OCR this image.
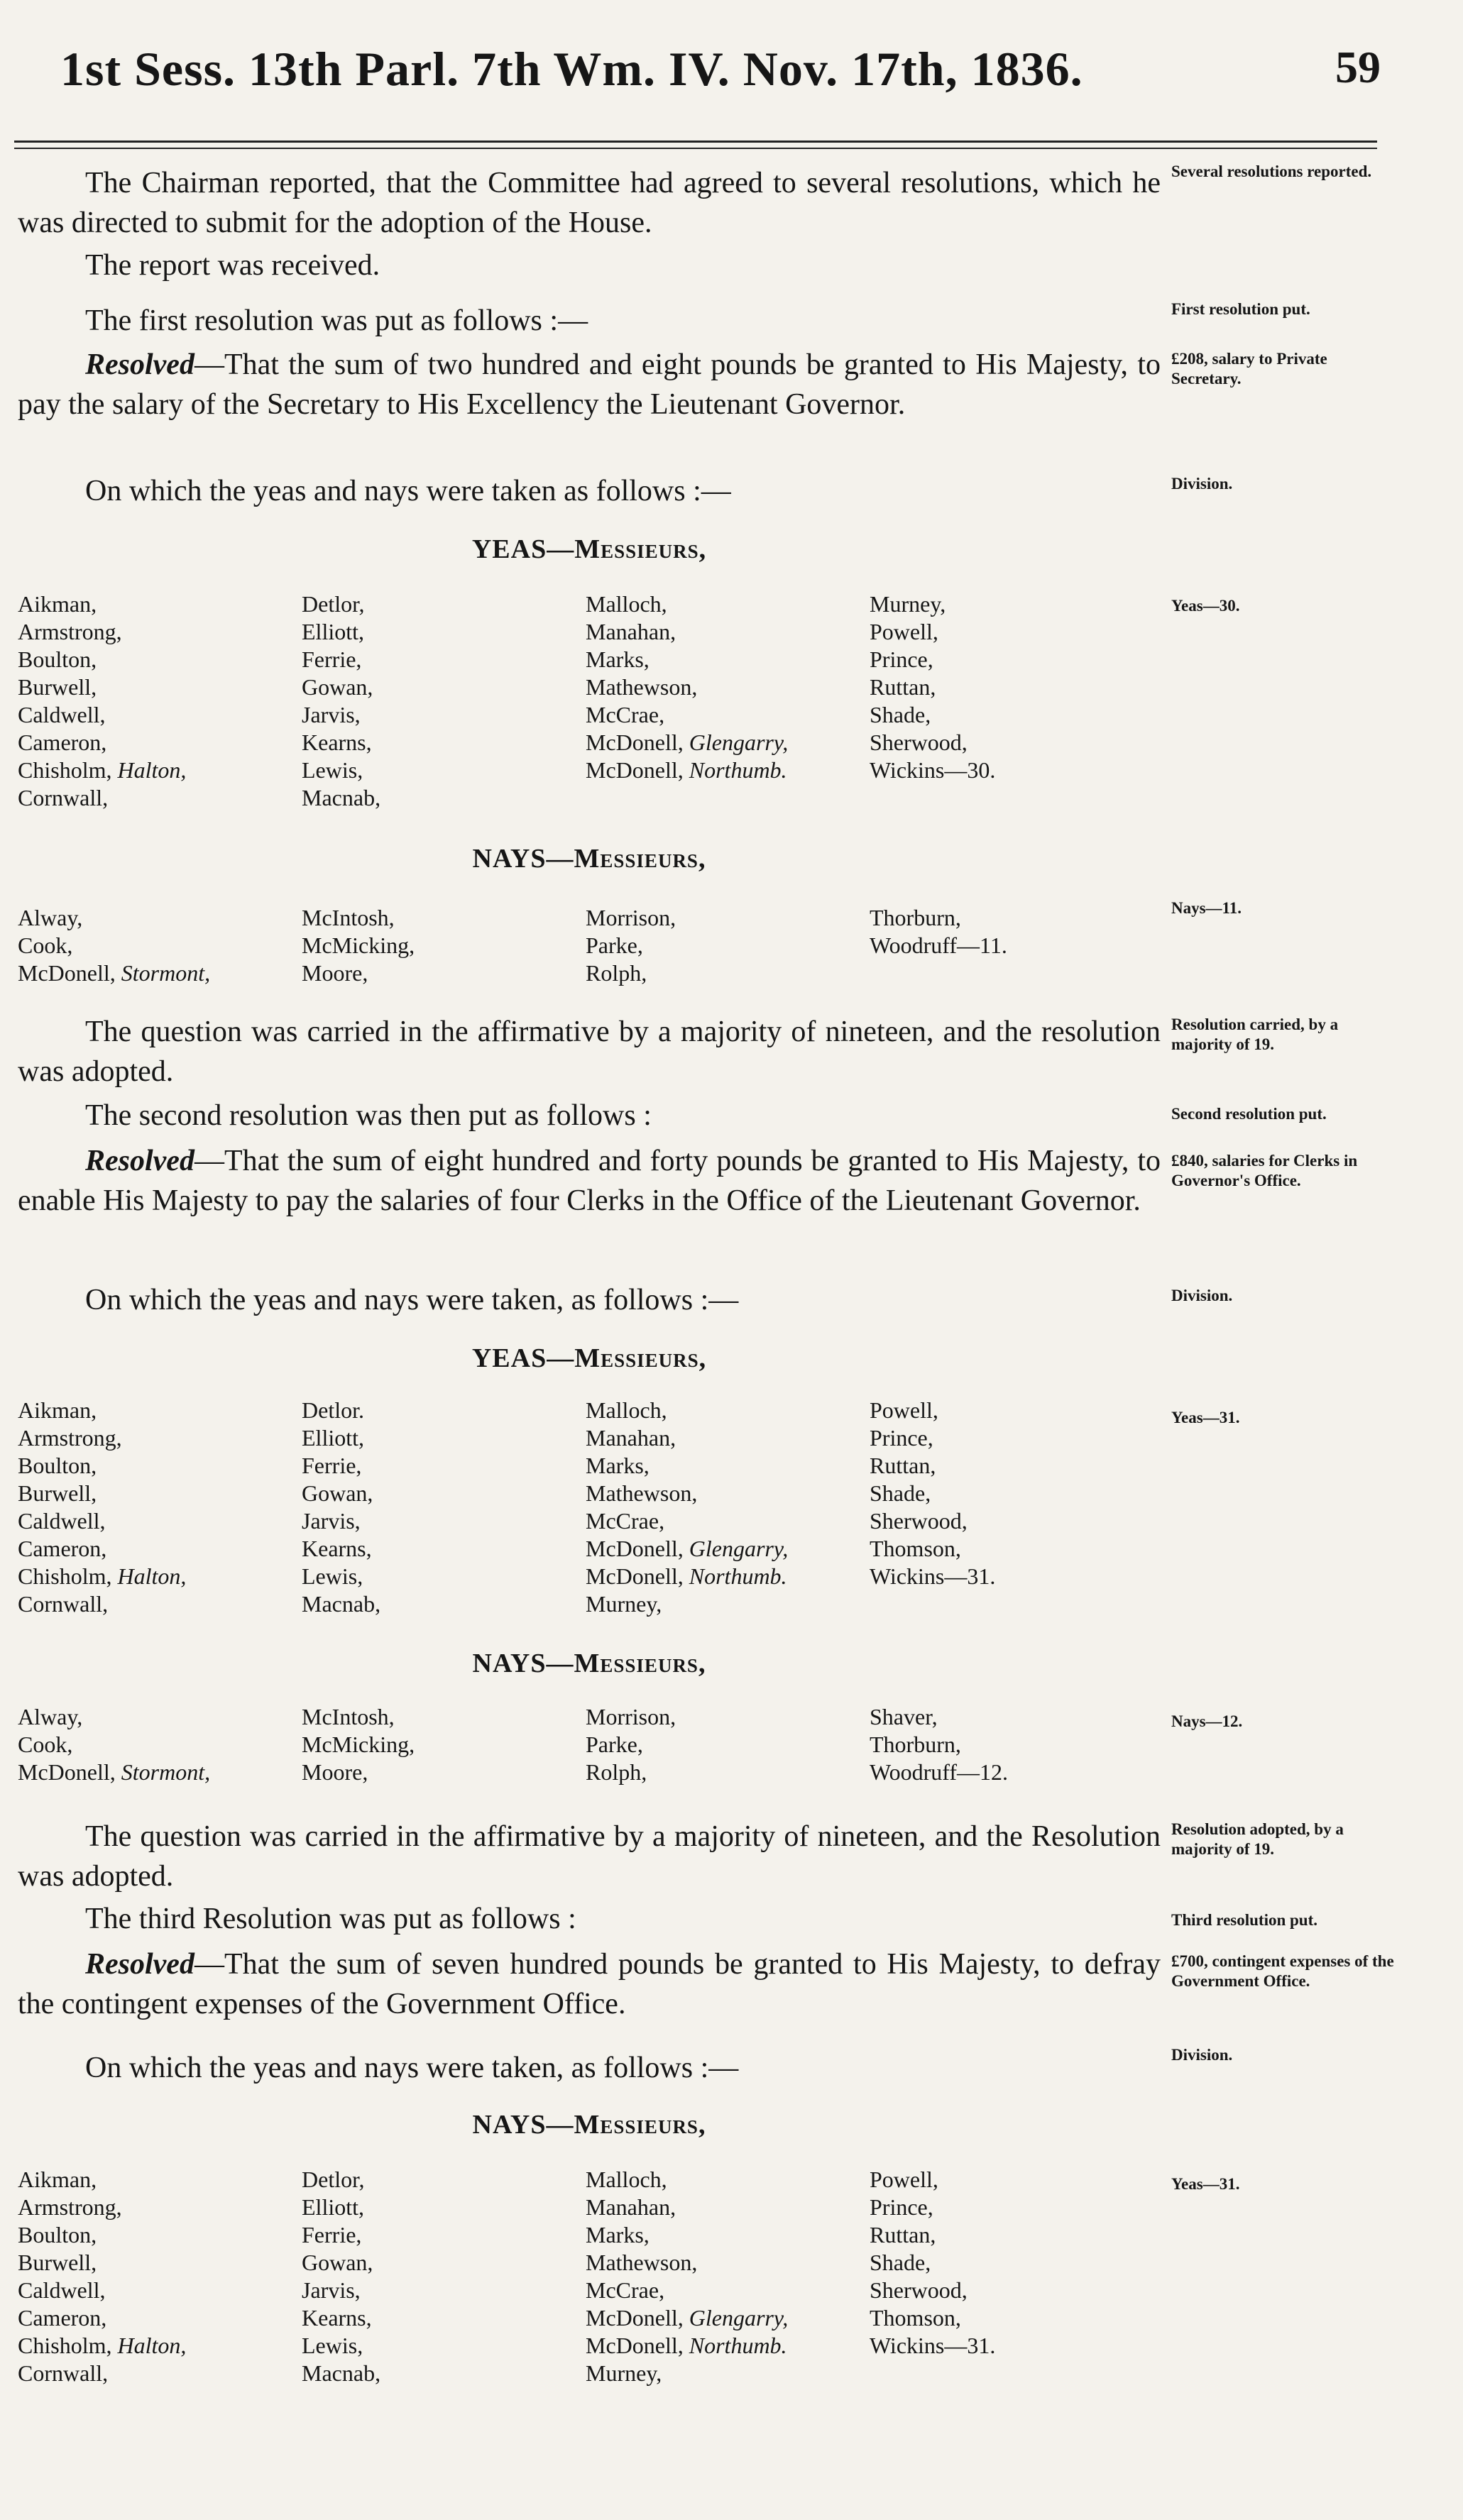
1st Sess. 13th Parl. 7th Wm. IV. Nov. 17th, 1836.	59
The Chairman reported, that the Committee had agreed to several resolutions, which he was directed to submit for the adoption of the House.
The report was received.
The first resolution was put as follows :—
Resolved—That the sum of two hundred and eight pounds be granted to His Majesty, to pay the salary of the Secretary to His Excellency the Lieutenant Governor.
On which the yeas and nays were taken as follows :—
YEAS—Messieurs,
Aikman,
Armstrong,
Boulton,
Burwell,
Caldwell,
Cameron,
Chisholm, Halton,
Cornwall,
Detlor,
Elliott,
Ferrie,
Gowan,
Jarvis,
Kearns,
Lewis,
Macnab,
Malloch,
Manahan,
Marks,
Mathewson,
McCrae,
McDonell, Glengarry,
McDonell, Northumb.
Murney,
Powell,
Prince,
Ruttan,
Shade,
Sherwood,
Wickins—30.
NAYS—Messieurs,
Alway,
Cook,
McDonell, Stormont,
McIntosh,
McMicking,
Moore,
Morrison,
Parke,
Rolph,
Thorburn,
Woodruff—11.
The question was carried in the affirmative by a majority of nineteen, and the resolution was adopted.
The second resolution was then put as follows :
Resolved—That the sum of eight hundred and forty pounds be granted to His Majesty, to enable His Majesty to pay the salaries of four Clerks in the Office of the Lieutenant Governor.
On which the yeas and nays were taken, as follows :—
YEAS—Messieurs,
Aikman,
Armstrong,
Boulton,
Burwell,
Caldwell,
Cameron,
Chisholm, Halton,
Cornwall,
Detlor.
Elliott,
Ferrie,
Gowan,
Jarvis,
Kearns,
Lewis,
Macnab,
Malloch,
Manahan,
Marks,
Mathewson,
McCrae,
McDonell, Glengarry,
McDonell, Northumb.
Murney,
Powell,
Prince,
Ruttan,
Shade,
Sherwood,
Thomson,
Wickins—31.
NAYS—Messieurs,
Alway,
Cook,
McDonell, Stormont,
McIntosh,
McMicking,
Moore,
Morrison,
Parke,
Rolph,
Shaver,
Thorburn,
Woodruff—12.
The question was carried in the affirmative by a majority of nineteen, and the Resolution was adopted.
The third Resolution was put as follows :
Resolved—That the sum of seven hundred pounds be granted to His Majesty, to defray the contingent expenses of the Government Office.
On which the yeas and nays were taken, as follows :—
NAYS—Messieurs,
Aikman,
Armstrong,
Boulton,
Burwell,
Caldwell,
Cameron,
Chisholm, Halton,
Cornwall,
Detlor,
Elliott,
Ferrie,
Gowan,
Jarvis,
Kearns,
Lewis,
Macnab,
Malloch,
Manahan,
Marks,
Mathewson,
McCrae,
McDonell, Glengarry,
McDonell, Northumb.
Murney,
Powell,
Prince,
Ruttan,
Shade,
Sherwood,
Thomson,
Wickins—31.
Several resolutions reported.
First resolution put.
£208, salary to Private Secretary.
Division.
Yeas—30.
Nays—11.
Resolution carried, by a majority of 19.
Second resolution put.
£840, salaries for Clerks in Governor's Office.
Division.
Yeas—31.
Nays—12.
Resolution adopted, by a majority of 19.
Third resolution put.
£700, contingent expenses of the Government Office.
Division.
Yeas—31.
